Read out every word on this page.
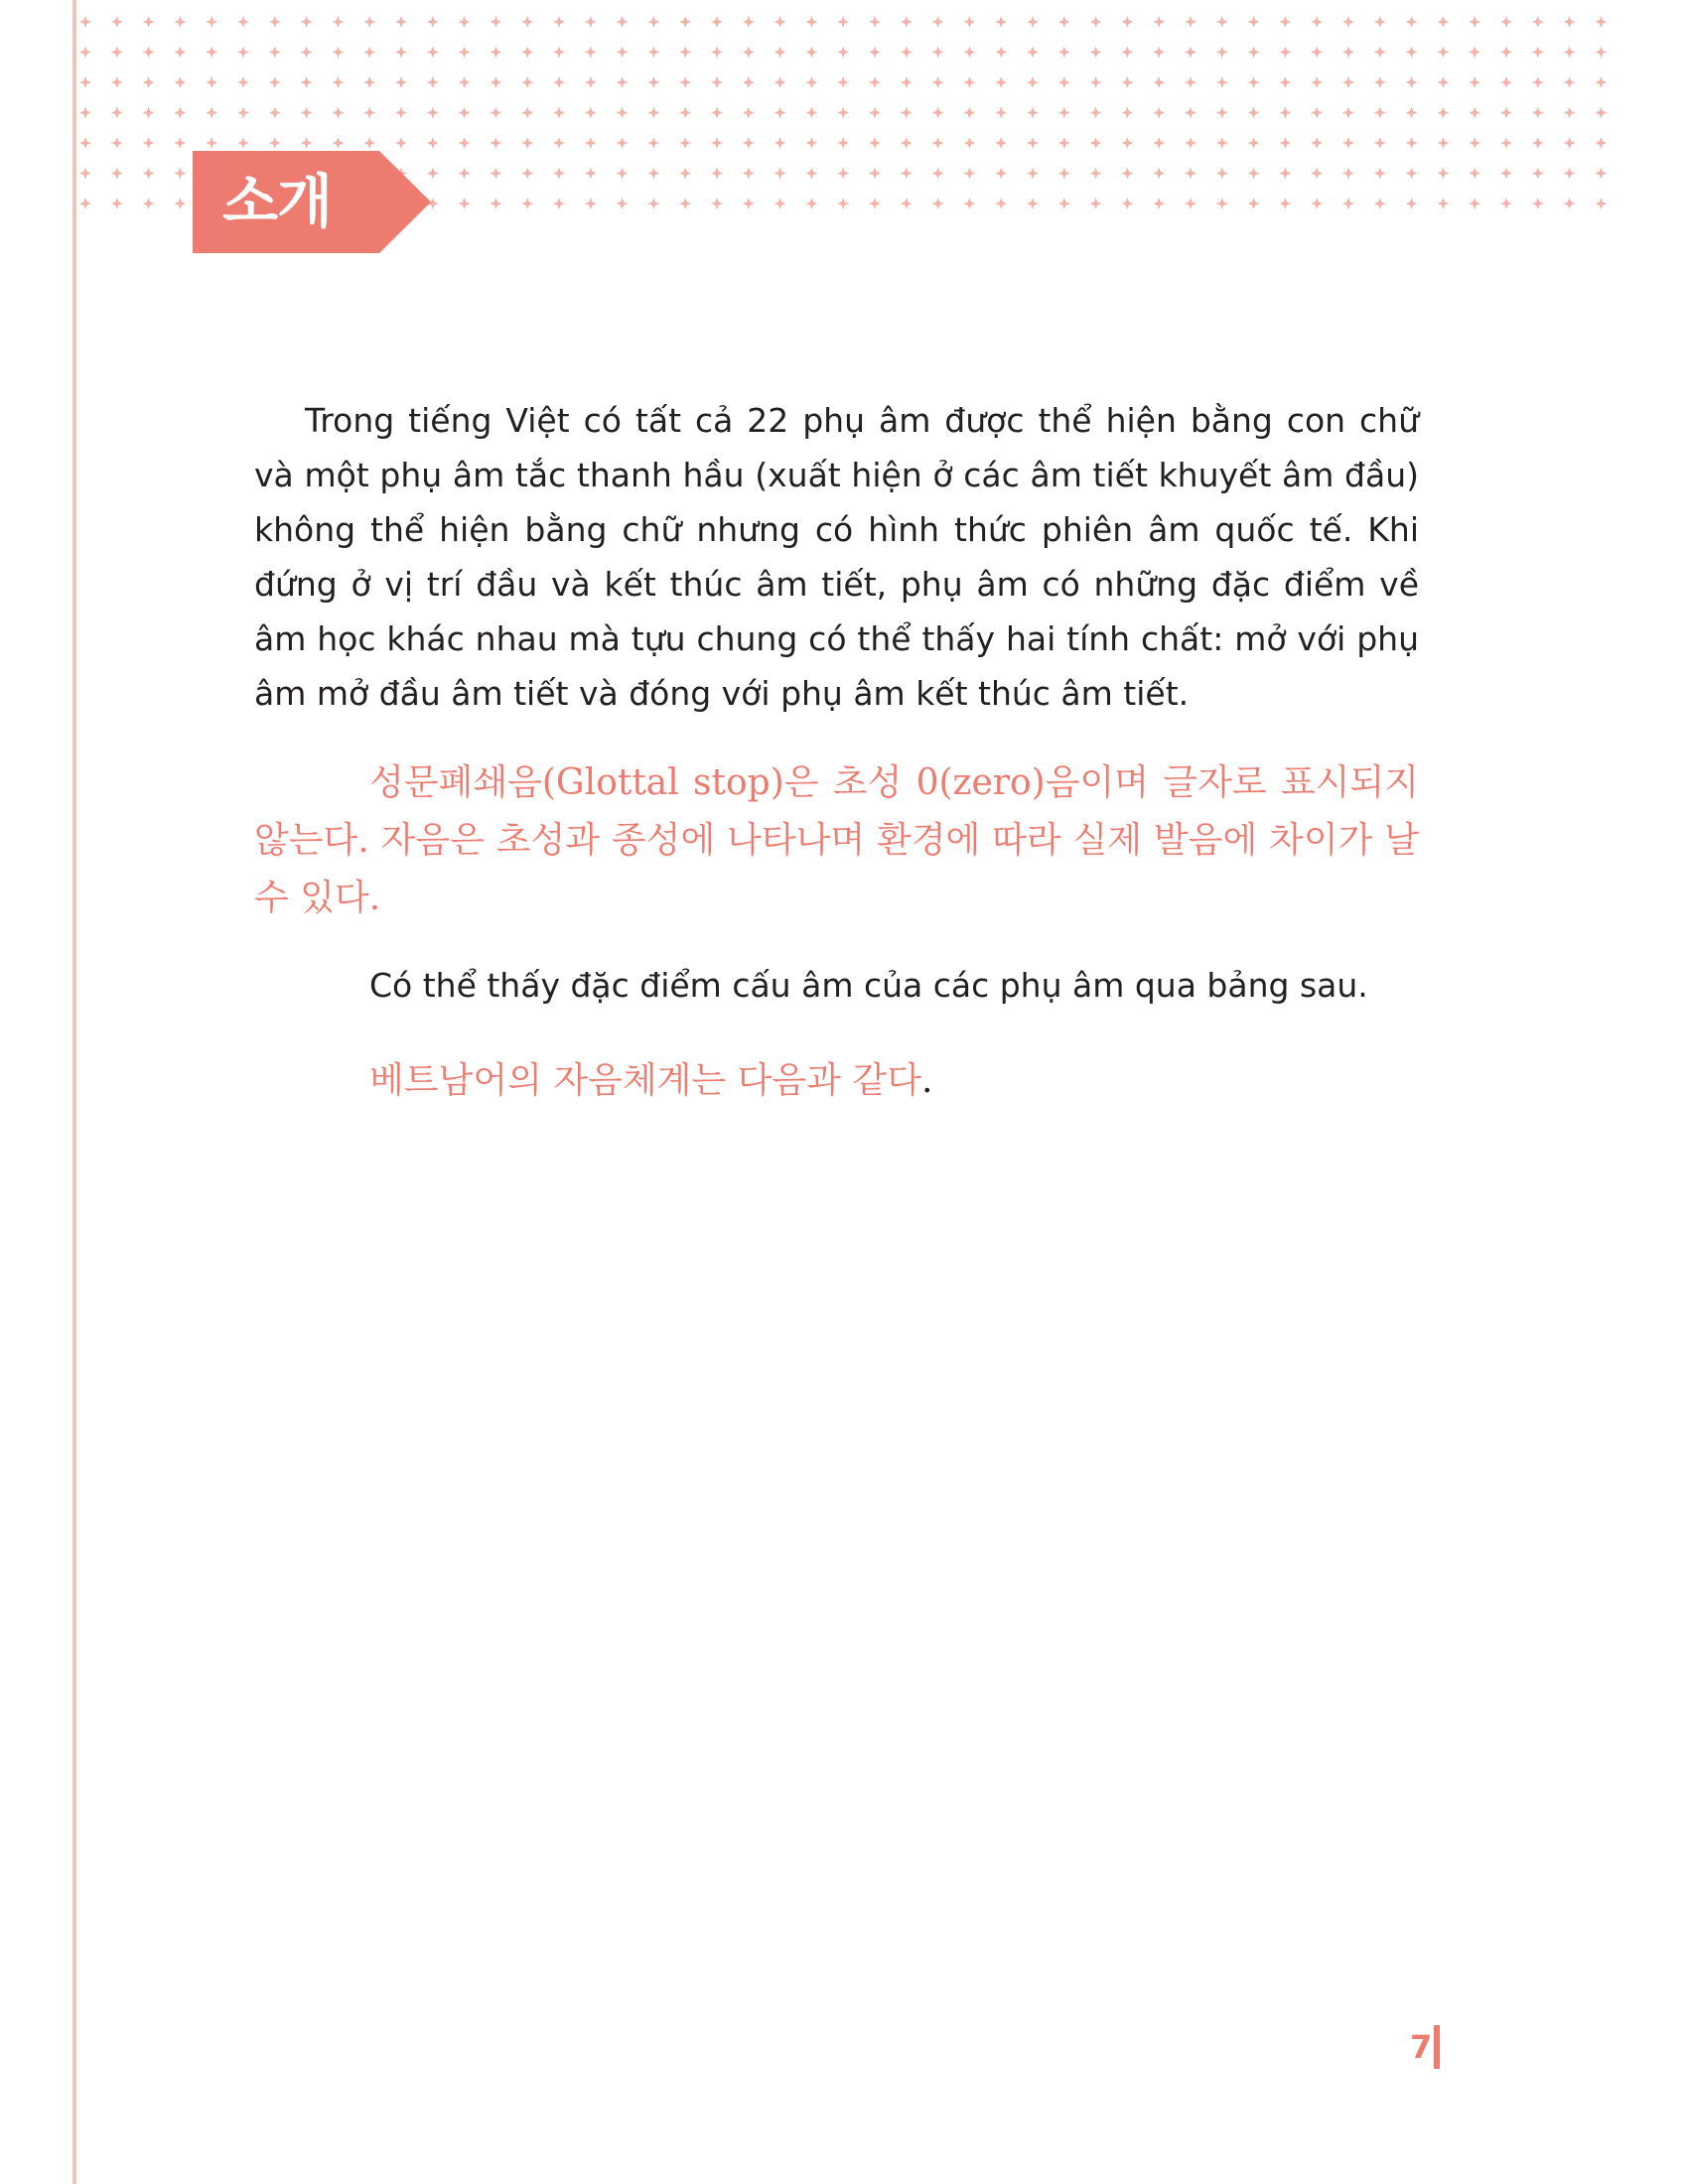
소개

Trong tiếng Việt có tất cả 22 phụ âm được thể hiện bằng con chữ và một phụ âm tắc thanh hầu (xuất hiện ở các âm tiết khuyết âm đầu) không thể hiện bằng chữ nhưng có hình thức phiên âm quốc tế. Khi đứng ở vị trí đầu và kết thúc âm tiết, phụ âm có những đặc điểm về âm học khác nhau mà tựu chung có thể thấy hai tính chất: mở với phụ âm mở đầu âm tiết và đóng với phụ âm kết thúc âm tiết.

성문폐쇄음(Glottal stop)은 초성 0(zero)음이며 글자로 표시되지 않는다. 자음은 초성과 종성에 나타나며 환경에 따라 실제 발음에 차이가 날 수 있다.

Có thể thấy đặc điểm cấu âm của các phụ âm qua bảng sau.

베트남어의 자음체계는 다음과 같다.

7
